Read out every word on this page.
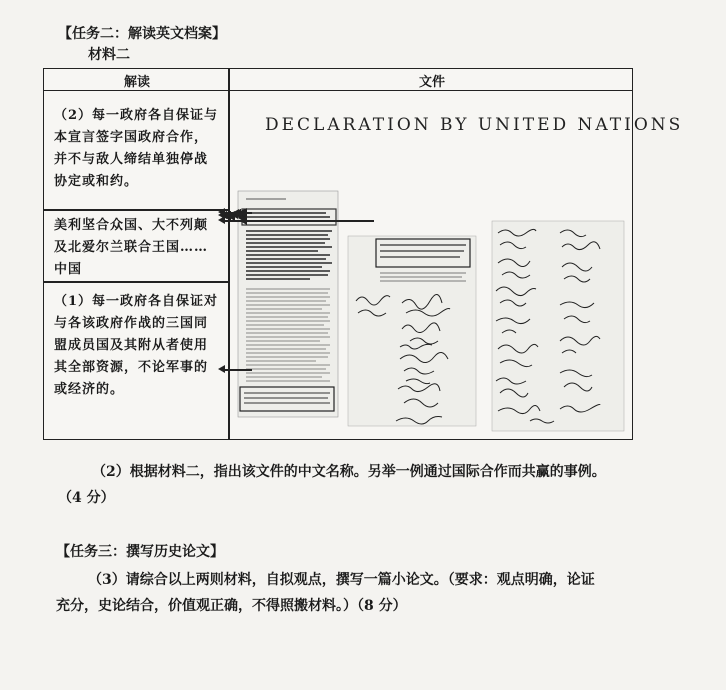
【任务二：解读英文档案】
材料二
解读	文件
（2）每一政府各自保证与
本宣言签字国政府合作，
并不与敌人缔结单独停战
协定或和约。
美利坚合众国、大不列颠
及北爱尔兰联合王国……
中国
（1）每一政府各自保证对
与各该政府作战的三国同
盟成员国及其附从者使用
其全部资源，不论军事的
或经济的。
DECLARATION BY UNITED NATIONS
（2）根据材料二，指出该文件的中文名称。另举一例通过国际合作而共赢的事例。
（4 分）
【任务三：撰写历史论文】
（3）请综合以上两则材料，自拟观点，撰写一篇小论文。（要求：观点明确，论证
充分，史论结合，价值观正确，不得照搬材料。）（8 分）
